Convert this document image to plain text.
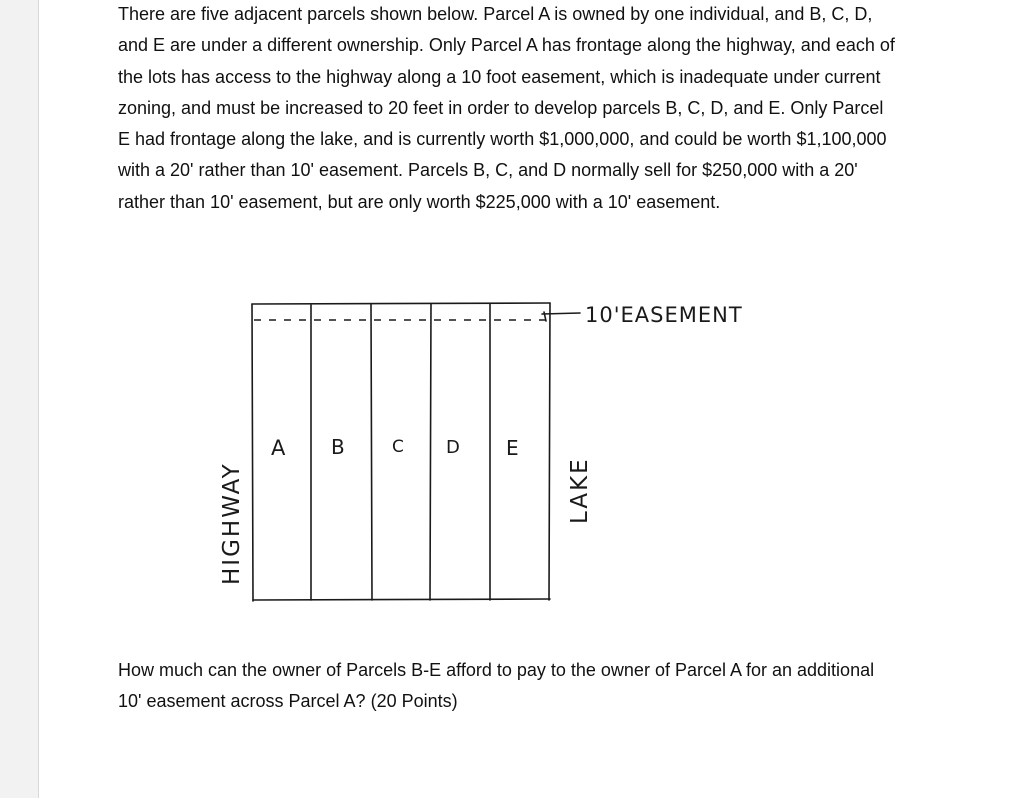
There are five adjacent parcels shown below. Parcel A is owned by one individual, and B, C, D, and E are under a different ownership. Only Parcel A has frontage along the highway, and each of the lots has access to the highway along a 10 foot easement, which is inadequate under current zoning, and must be increased to 20 feet in order to develop parcels B, C, D, and E. Only Parcel E had frontage along the lake, and is currently worth $1,000,000, and could be worth $1,100,000 with a 20' rather than 10' easement. Parcels B, C, and D normally sell for $250,000 with a 20' rather than 10' easement, but are only worth $225,000 with a 10' easement.

10'EASEMENT
A B	C D E
HIGHWAY	LAKE

How much can the owner of Parcels B-E afford to pay to the owner of Parcel A for an additional 10' easement across Parcel A? (20 Points)
